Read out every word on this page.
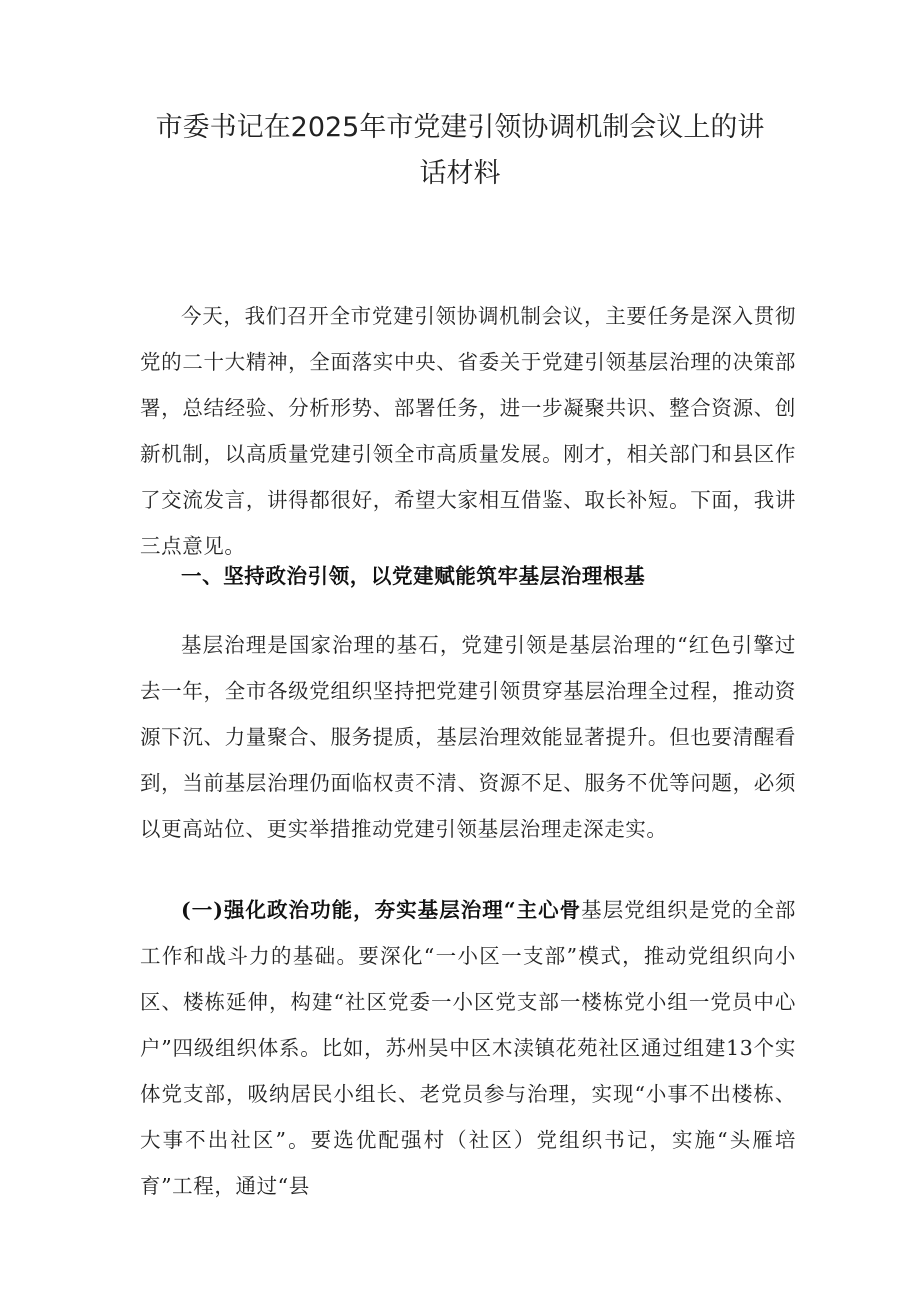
市委书记在2025年市党建引领协调机制会议上的讲
话材料

今天，我们召开全市党建引领协调机制会议，主要任务是深入贯彻党的二十大精神，全面落实中央、省委关于党建引领基层治理的决策部署，总结经验、分析形势、部署任务，进一步凝聚共识、整合资源、创新机制，以高质量党建引领全市高质量发展。刚才，相关部门和县区作了交流发言，讲得都很好，希望大家相互借鉴、取长补短。下面，我讲三点意见。

一、坚持政治引领，以党建赋能筑牢基层治理根基

基层治理是国家治理的基石，党建引领是基层治理的“红色引擎过去一年，全市各级党组织坚持把党建引领贯穿基层治理全过程，推动资源下沉、力量聚合、服务提质，基层治理效能显著提升。但也要清醒看到，当前基层治理仍面临权责不清、资源不足、服务不优等问题，必须以更高站位、更实举措推动党建引领基层治理走深走实。

(一)强化政治功能，夯实基层治理“主心骨基层党组织是党的全部工作和战斗力的基础。要深化“一小区一支部”模式，推动党组织向小区、楼栋延伸，构建“社区党委一小区党支部一楼栋党小组一党员中心户”四级组织体系。比如，苏州吴中区木渎镇花苑社区通过组建13个实体党支部，吸纳居民小组长、老党员参与治理，实现“小事不出楼栋、大事不出社区”。要选优配强村（社区）党组织书记，实施“头雁培育”工程，通过“县
